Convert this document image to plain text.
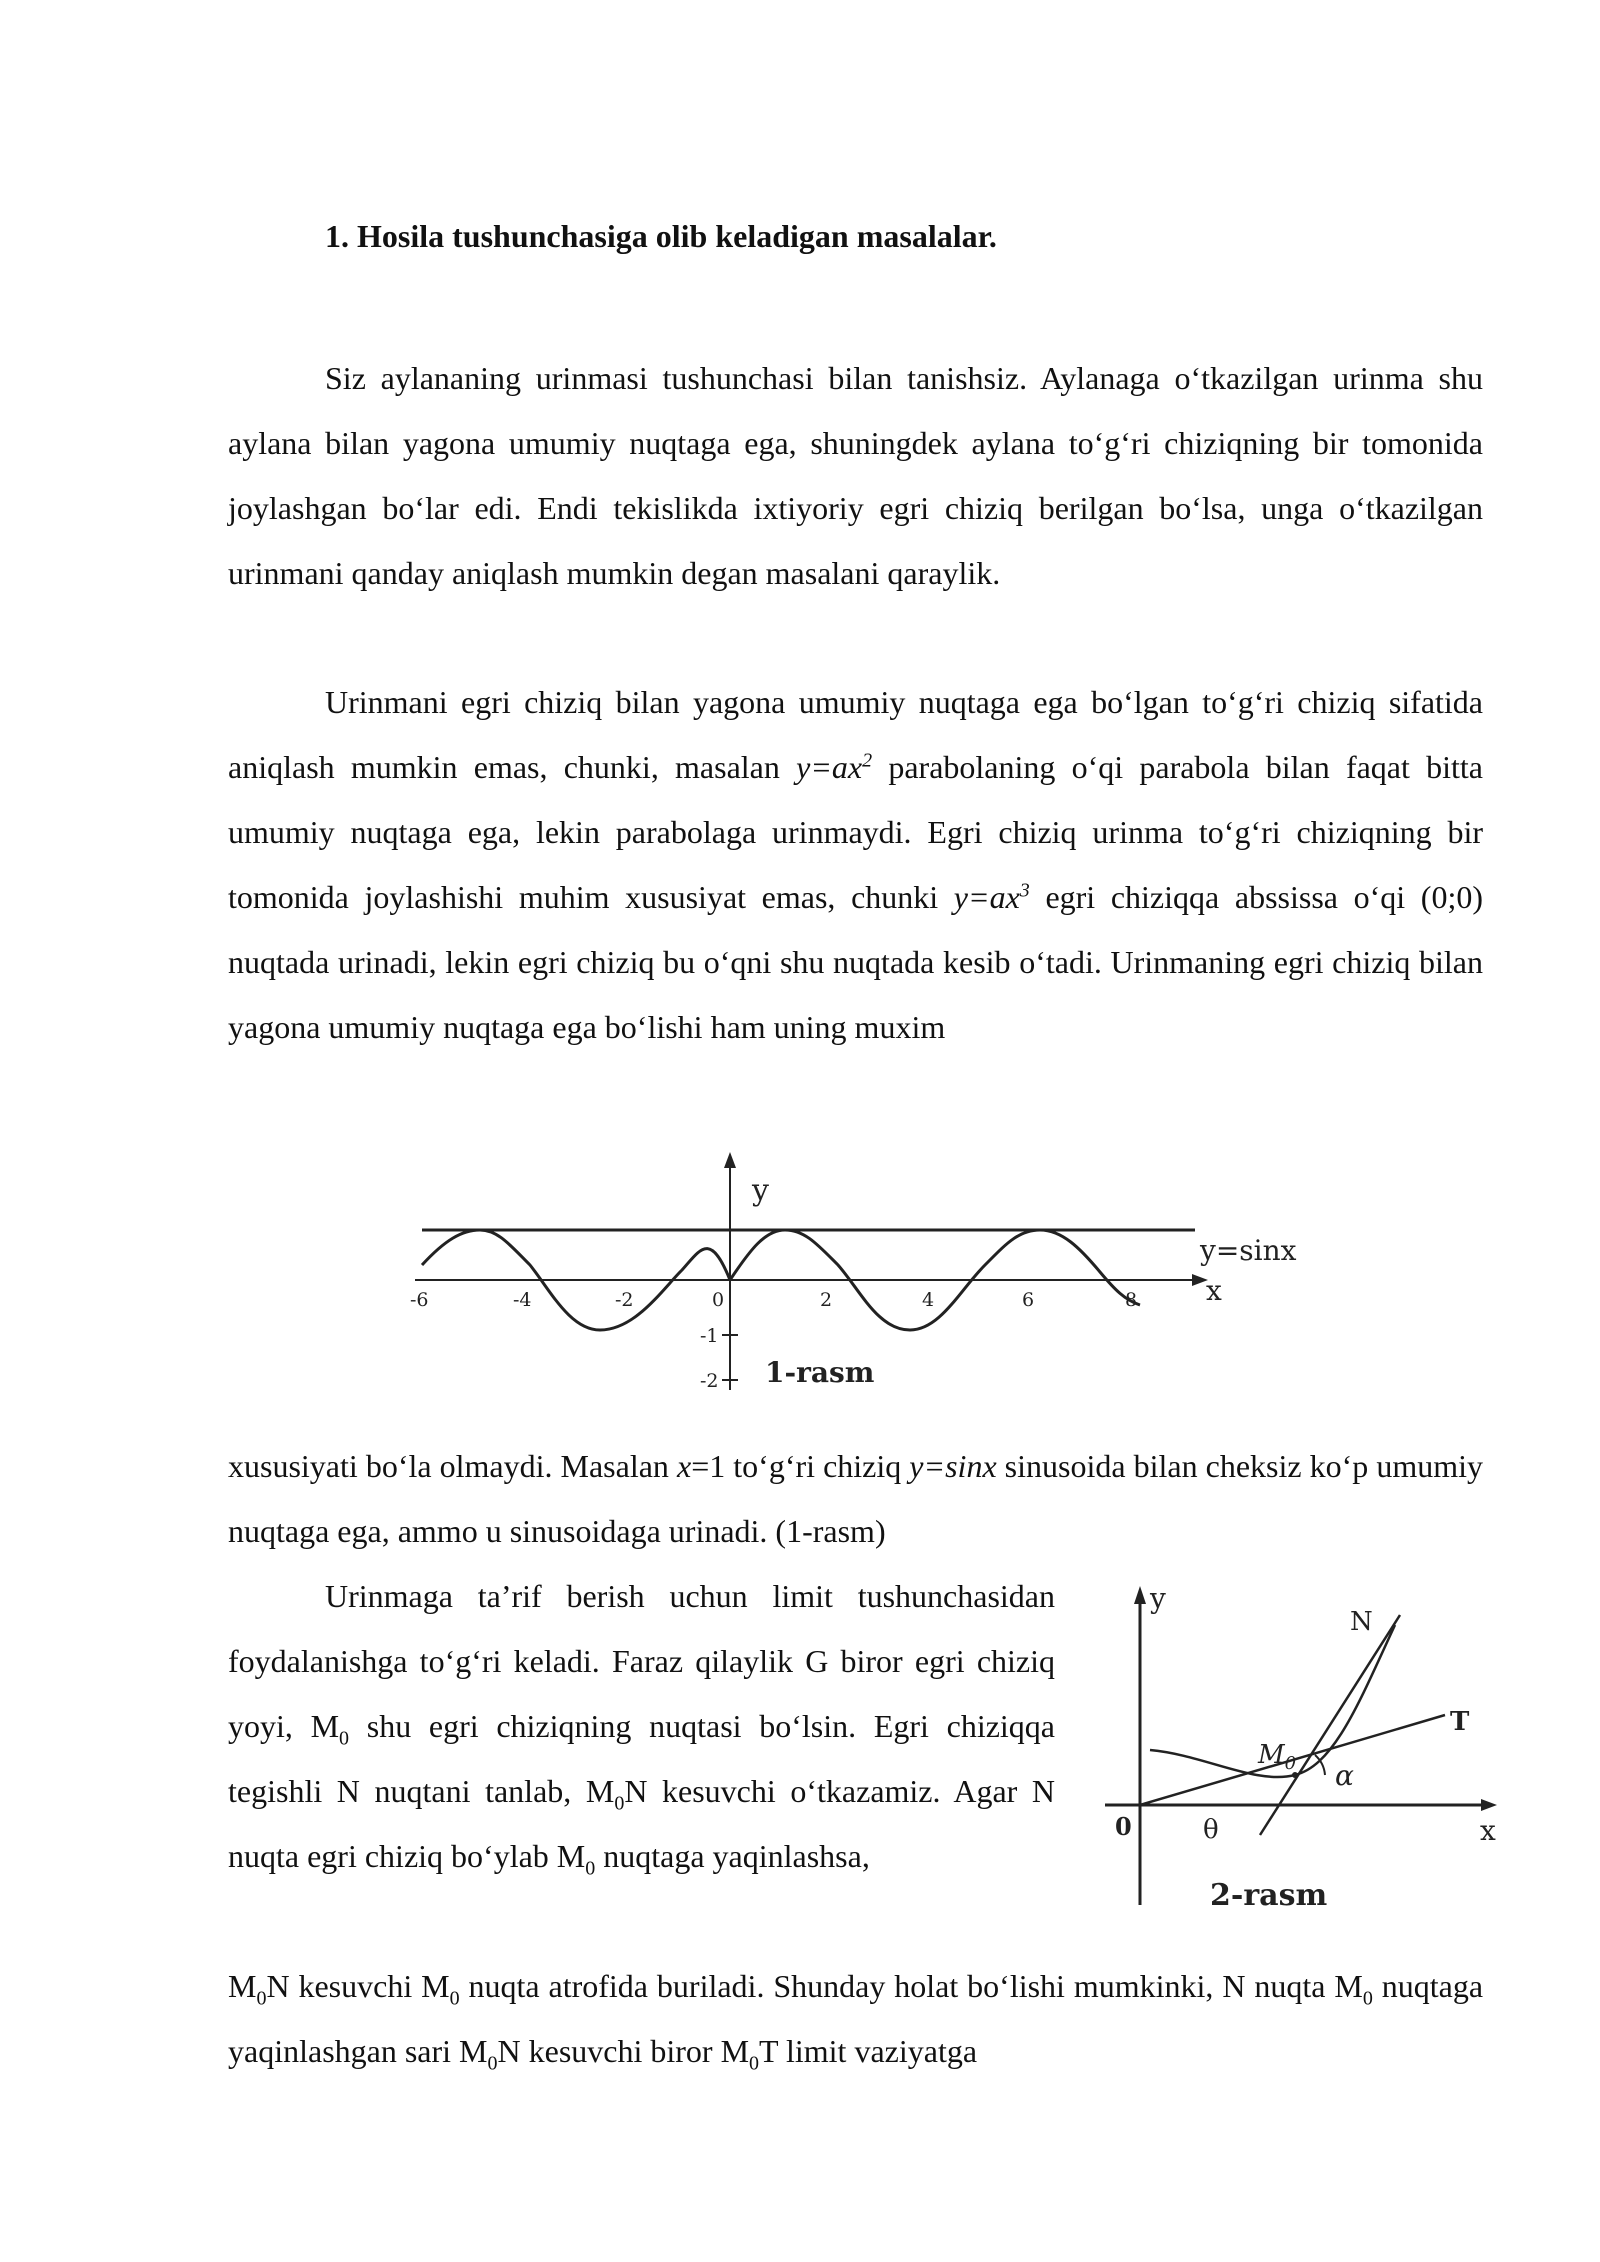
1. Hosila tushunchasiga olib keladigan masalalar.

Siz aylananing urinmasi tushunchasi bilan tanishsiz. Aylanaga o‘tkazilgan urinma shu aylana bilan yagona umumiy nuqtaga ega, shuningdek aylana to‘g‘ri chiziqning bir tomonida joylashgan bo‘lar edi. Endi tekislikda ixtiyoriy egri chiziq berilgan bo‘lsa, unga o‘tkazilgan urinmani qanday aniqlash mumkin degan masalani qaraylik.

Urinmani egri chiziq bilan yagona umumiy nuqtaga ega bo‘lgan to‘g‘ri chiziq sifatida aniqlash mumkin emas, chunki, masalan $y=ax^2$ parabolaning o‘qi parabola bilan faqat bitta umumiy nuqtaga ega, lekin parabolaga urinmaydi. Egri chiziq urinma to‘g‘ri chiziqning bir tomonida joylashishi muhim xususiyat emas, chunki $y=ax^3$ egri chiziqqa abssissa o‘qi (0;0) nuqtada urinadi, lekin egri chiziq bu o‘qni shu nuqtada kesib o‘tadi. Urinmaning egri chiziq bilan yagona umumiy nuqtaga ega bo‘lishi ham uning muxim

-6	-4	-2	0	2	4	6	8
-1
-2
y
x
y=sinx
1-rasm

xususiyati bo‘la olmaydi. Masalan x=1 to‘g‘ri chiziq y=sinx sinusoida bilan cheksiz ko‘p umumiy nuqtaga ega, ammo u sinusoidaga urinadi. (1-rasm)

Urinmaga ta’rif berish uchun limit tushunchasidan foydalanishga to‘g‘ri keladi. Faraz qilaylik G biror egri chiziq yoyi, $M_0$ shu egri chiziqning nuqtasi bo‘lsin. Egri chiziqqa tegishli N nuqtani tanlab, $M_0N$ kesuvchi o‘tkazamiz. Agar N nuqta egri chiziq bo‘ylab $M_0$ nuqtaga yaqinlashsa,

y
x
0
N
$M_0$
T
α
θ
2-rasm

$M_0N$ kesuvchi $M_0$ nuqta atrofida buriladi. Shunday holat bo‘lishi mumkinki, N nuqta $M_0$ nuqtaga yaqinlashgan sari $M_0N$ kesuvchi biror $M_0T$ limit vaziyatga
